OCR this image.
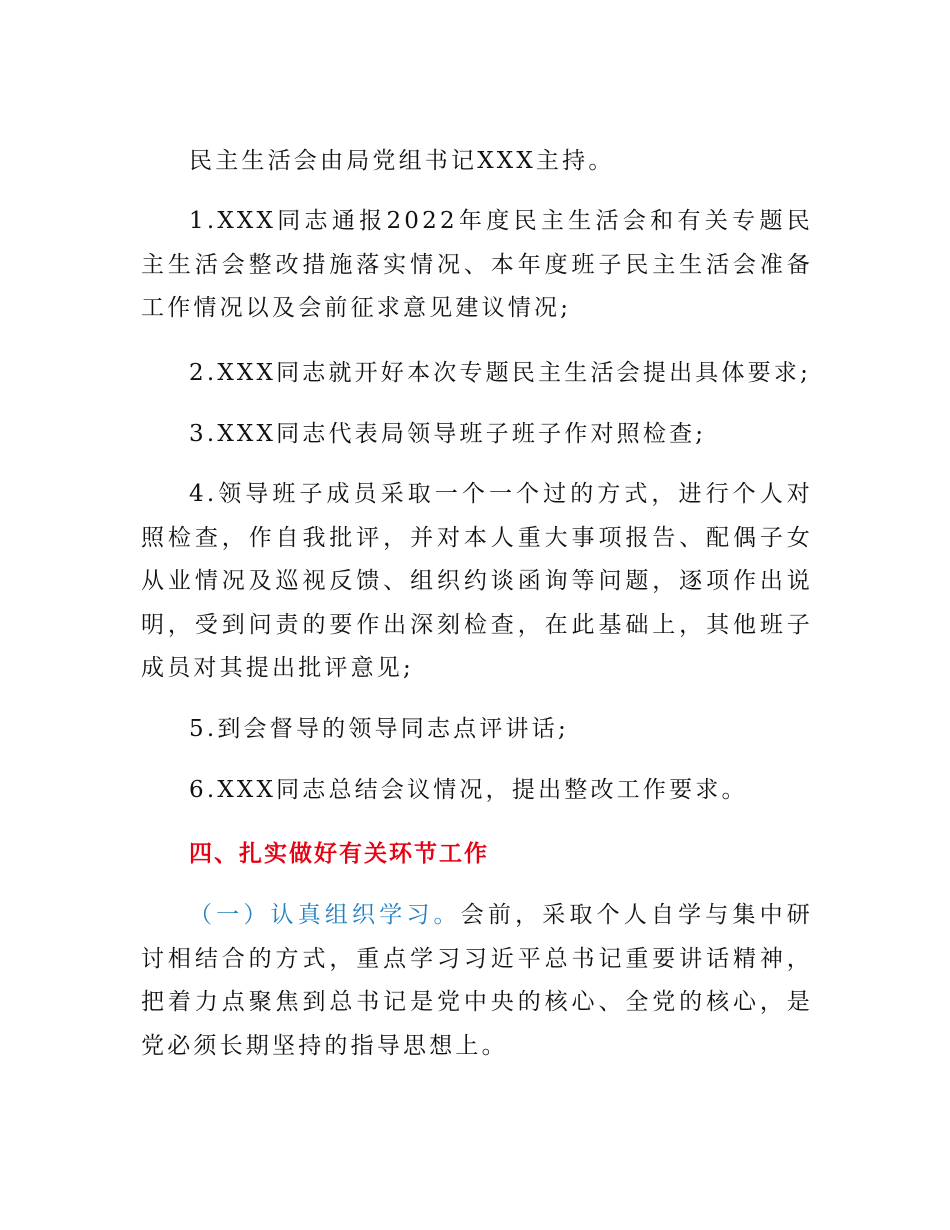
民主生活会由局党组书记XXX主持。

1.XXX同志通报2022年度民主生活会和有关专题民主生活会整改措施落实情况、本年度班子民主生活会准备工作情况以及会前征求意见建议情况;

2.XXX同志就开好本次专题民主生活会提出具体要求;

3.XXX同志代表局领导班子班子作对照检查;

4.领导班子成员采取一个一个过的方式，进行个人对照检查，作自我批评，并对本人重大事项报告、配偶子女从业情况及巡视反馈、组织约谈函询等问题，逐项作出说明，受到问责的要作出深刻检查，在此基础上，其他班子成员对其提出批评意见;

5.到会督导的领导同志点评讲话;

6.XXX同志总结会议情况，提出整改工作要求。

四、扎实做好有关环节工作

（一）认真组织学习。会前，采取个人自学与集中研讨相结合的方式，重点学习习近平总书记重要讲话精神，把着力点聚焦到总书记是党中央的核心、全党的核心，是党必须长期坚持的指导思想上。
